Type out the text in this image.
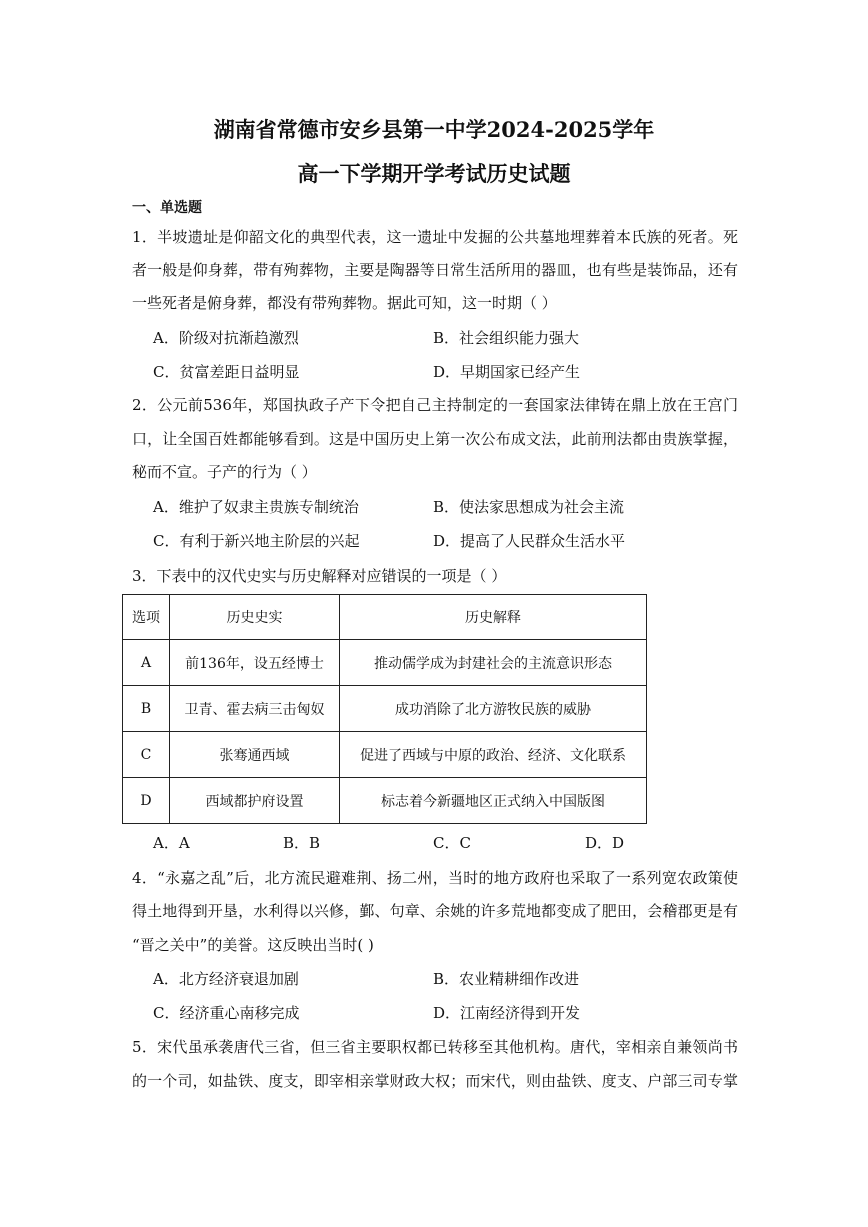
湖南省常德市安乡县第一中学2024-2025学年
高一下学期开学考试历史试题
一、单选题
1．半坡遗址是仰韶文化的典型代表，这一遗址中发掘的公共墓地埋葬着本氏族的死者。死
者一般是仰身葬，带有殉葬物，主要是陶器等日常生活所用的器皿，也有些是装饰品，还有
一些死者是俯身葬，都没有带殉葬物。据此可知，这一时期（ ）
A．阶级对抗渐趋激烈	B．社会组织能力强大
C．贫富差距日益明显	D．早期国家已经产生
2．公元前536年，郑国执政子产下令把自己主持制定的一套国家法律铸在鼎上放在王宫门
口，让全国百姓都能够看到。这是中国历史上第一次公布成文法，此前刑法都由贵族掌握，
秘而不宣。子产的行为（ ）
A．维护了奴隶主贵族专制统治	B．使法家思想成为社会主流
C．有利于新兴地主阶层的兴起	D．提高了人民群众生活水平
3．下表中的汉代史实与历史解释对应错误的一项是（ ）
选项	历史史实	历史解释
A	前136年，设五经博士	推动儒学成为封建社会的主流意识形态
B	卫青、霍去病三击匈奴	成功消除了北方游牧民族的威胁
C	张骞通西域	促进了西域与中原的政治、经济、文化联系
D	西域都护府设置	标志着今新疆地区正式纳入中国版图
A．A	B．B	C．C	D．D
4．“永嘉之乱”后，北方流民避难荆、扬二州，当时的地方政府也采取了一系列宽农政策使
得土地得到开垦，水利得以兴修，鄞、句章、余姚的许多荒地都变成了肥田，会稽郡更是有
“晋之关中”的美誉。这反映出当时( )
A．北方经济衰退加剧	B．农业精耕细作改进
C．经济重心南移完成	D．江南经济得到开发
5．宋代虽承袭唐代三省，但三省主要职权都已转移至其他机构。唐代，宰相亲自兼领尚书
的一个司，如盐铁、度支，即宰相亲掌财政大权；而宋代，则由盐铁、度支、户部三司专掌
